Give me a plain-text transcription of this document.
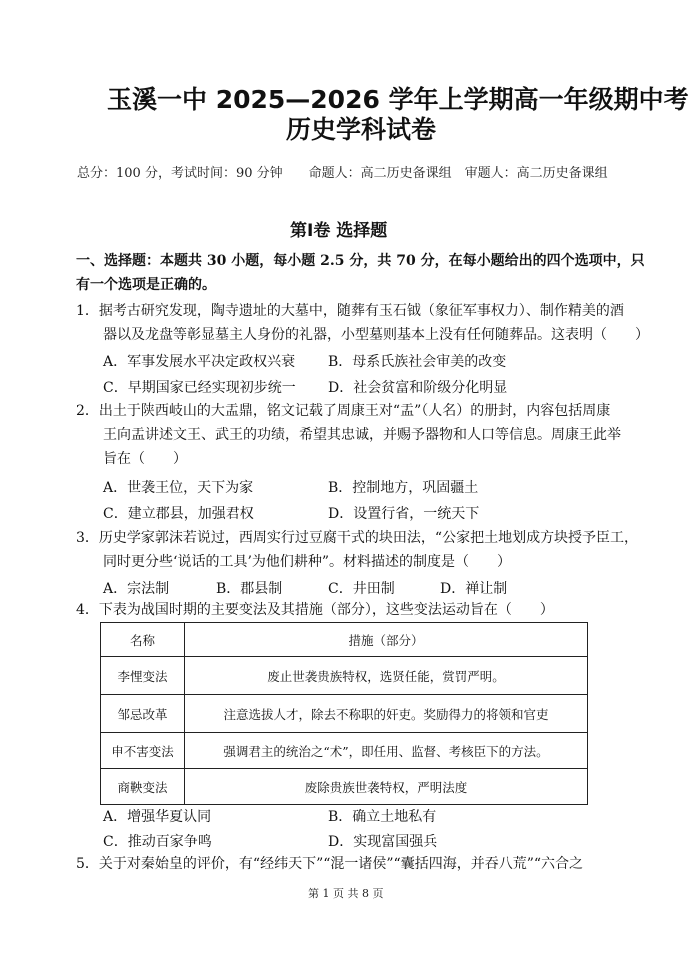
玉溪一中 2025—2026 学年上学期高一年级期中考
历史学科试卷
总分：100 分，考试时间：90 分钟　　命题人：高二历史备课组　审题人：高二历史备课组
第Ⅰ卷 选择题
一、选择题：本题共 30 小题，每小题 2.5 分，共 70 分，在每小题给出的四个选项中，只
有一个选项是正确的。
1．据考古研究发现，陶寺遗址的大墓中，随葬有玉石钺（象征军事权力）、制作精美的酒
器以及龙盘等彰显墓主人身份的礼器，小型墓则基本上没有任何随葬品。这表明（　　）
A．军事发展水平决定政权兴衰 B．母系氏族社会审美的改变
C．早期国家已经实现初步统一 D．社会贫富和阶级分化明显
2．出土于陕西岐山的大盂鼎，铭文记载了周康王对“盂”（人名）的册封，内容包括周康
王向盂讲述文王、武王的功绩，希望其忠诚，并赐予器物和人口等信息。周康王此举
旨在（　　）
A．世袭王位，天下为家	B．控制地方，巩固疆土
C．建立郡县，加强君权	D．设置行省，一统天下
3．历史学家郭沫若说过，西周实行过豆腐干式的块田法，“公家把土地划成方块授予臣工，
同时更分些‘说话的工具’为他们耕种”。材料描述的制度是（　　）
A．宗法制	B．郡县制	C．井田制	D．禅让制
4．下表为战国时期的主要变法及其措施（部分），这些变法运动旨在（　　）
名称	措施（部分）
李悝变法	废止世袭贵族特权，选贤任能，赏罚严明。
邹忌改革	注意选拔人才，除去不称职的奸吏。奖励得力的将领和官吏
申不害变法	强调君主的统治之“术”，即任用、监督、考核臣下的方法。
商鞅变法	废除贵族世袭特权，严明法度
A．增强华夏认同	B．确立土地私有
C．推动百家争鸣	D．实现富国强兵
5．关于对秦始皇的评价，有“经纬天下”“混一诸侯”“囊括四海，并吞八荒”“六合之
第 1 页 共 8 页
